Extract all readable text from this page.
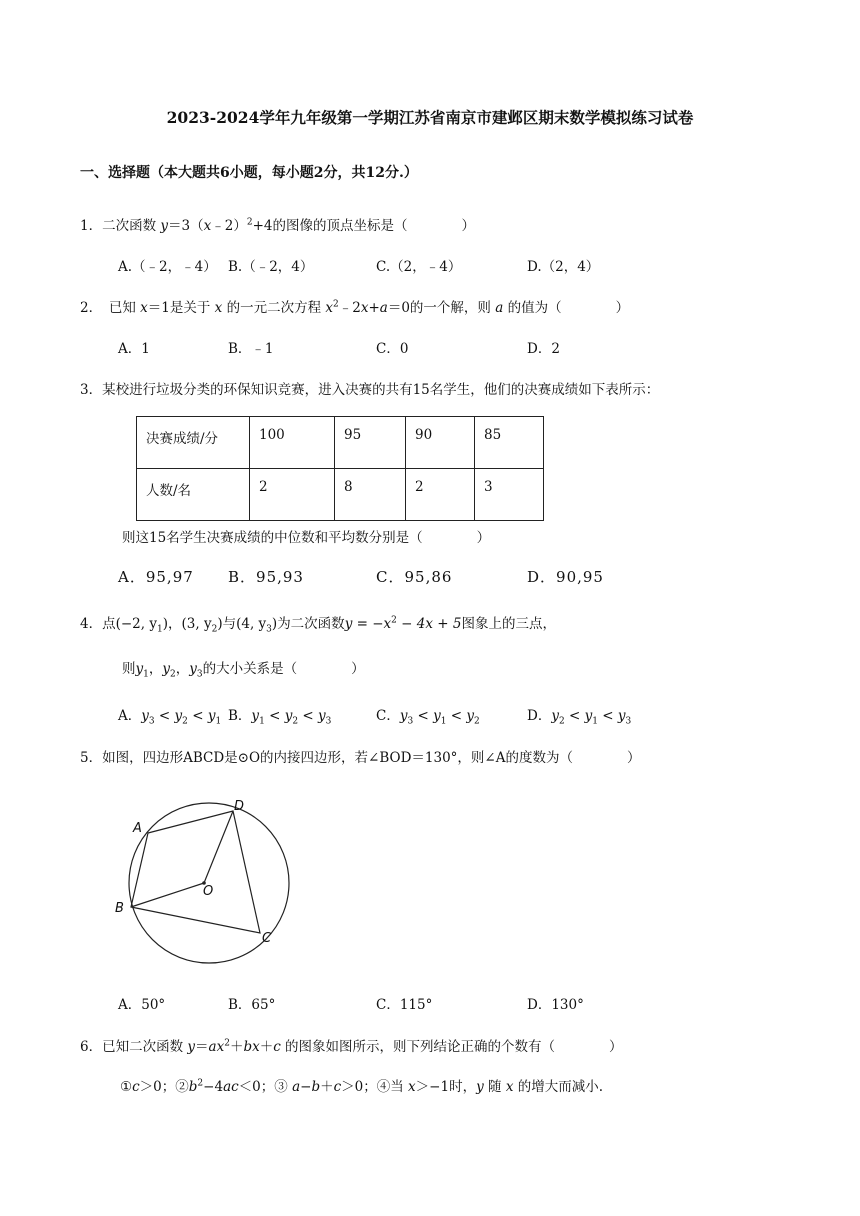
2023-2024学年九年级第一学期江苏省南京市建邺区期末数学模拟练习试卷
一、选择题（本大题共6小题，每小题2分，共12分.）
1．二次函数 y＝3（x﹣2）$^2$+4的图像的顶点坐标是（　　　　）
A.（﹣2，﹣4） B.（﹣2，4）	C.（2，﹣4）	D.（2，4）
2．　已知 x＝1是关于 x 的一元二次方程 $x^2﹣2x+a=0$的一个解，则 a 的值为（　　　　）
A．1	B．﹣1	C．0	D．2
3．某校进行垃圾分类的环保知识竞赛，进入决赛的共有15名学生，他们的决赛成绩如下表所示：
决赛成绩/分	100	95	90	85
人数/名	2	8	2	3
则这15名学生决赛成绩的中位数和平均数分别是（　　　　）
A．95,97 B．95,93	C．95,86	D．90,95
4．点(−2, $y_1$)，(3, $y_2$)与(4, $y_3$)为二次函数$y = -x^2 - 4x + 5$图象上的三点，
则$y_1$，$y_2$，$y_3$的大小关系是（　　　　）
A．$y_3 < y_2 < y_1$ B．$y_1 < y_2 < y_3$	C．$y_3 < y_1 < y_2$	D．$y_2 < y_1 < y_3$
5．如图，四边形ABCD是⊙O的内接四边形，若∠BOD＝130°，则∠A的度数为（　　　　）
A
B
C
D
O
A．50°	B．65°	C．115°	D．130°
6．已知二次函数 $y=ax^2+bx+c$ 的图象如图所示，则下列结论正确的个数有（　　　　）
①c＞0；$②b^2-4ac<0$；③ a−b＋c＞0；④当 x＞−1时，y 随 x 的增大而减小.
